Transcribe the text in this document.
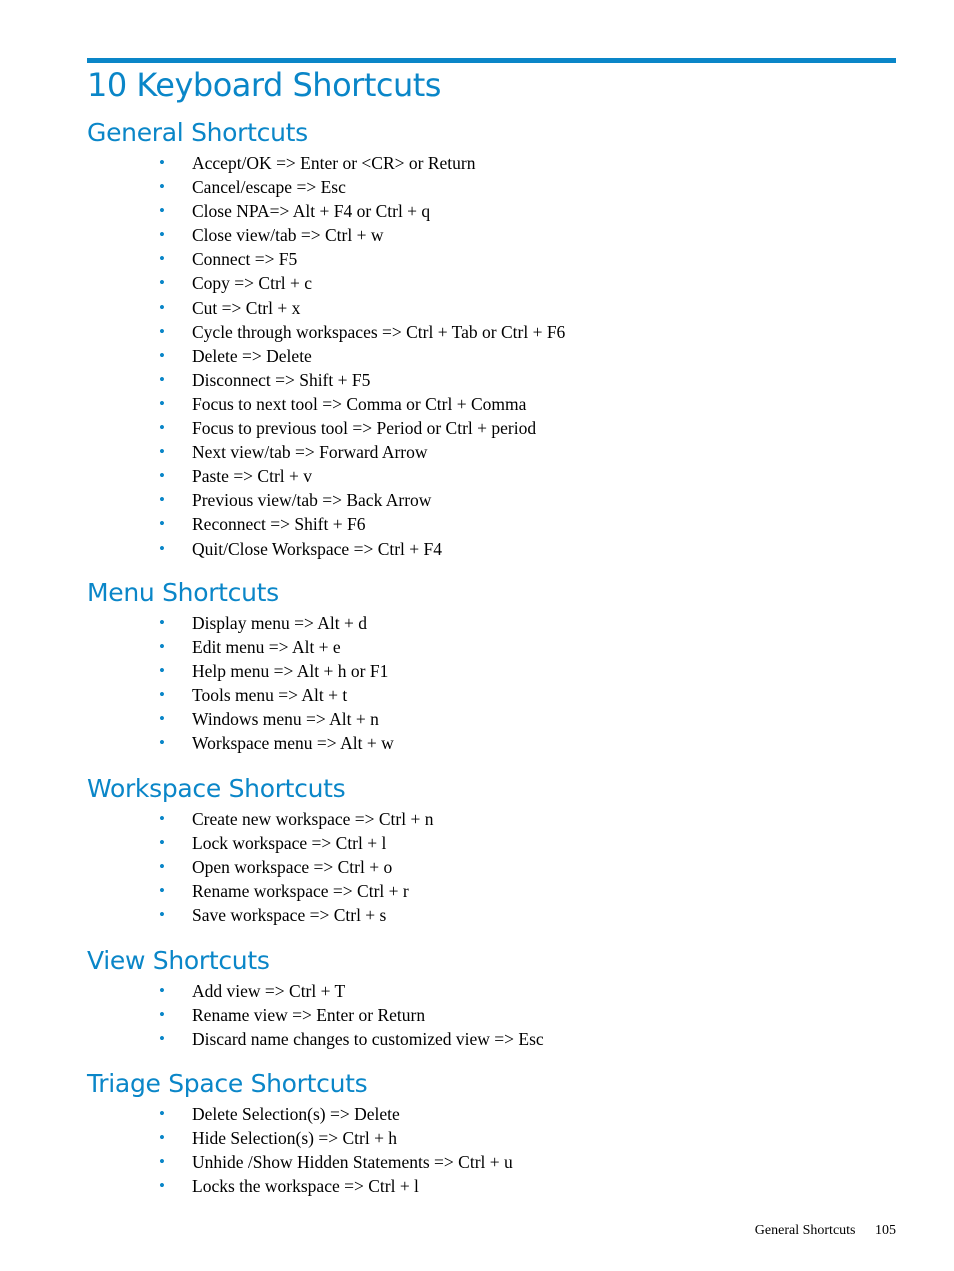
10 Keyboard Shortcuts
General Shortcuts
• Accept/OK => Enter or <CR> or Return
• Cancel/escape => Esc
• Close NPA=> Alt + F4 or Ctrl + q
• Close view/tab => Ctrl + w
• Connect => F5
• Copy => Ctrl + c
• Cut => Ctrl + x
• Cycle through workspaces => Ctrl + Tab or Ctrl + F6
• Delete => Delete
• Disconnect => Shift + F5
• Focus to next tool => Comma or Ctrl + Comma
• Focus to previous tool => Period or Ctrl + period
• Next view/tab => Forward Arrow
• Paste => Ctrl + v
• Previous view/tab => Back Arrow
• Reconnect => Shift + F6
• Quit/Close Workspace => Ctrl + F4
Menu Shortcuts
• Display menu => Alt + d
• Edit menu => Alt + e
• Help menu => Alt + h or F1
• Tools menu => Alt + t
• Windows menu => Alt + n
• Workspace menu => Alt + w
Workspace Shortcuts
• Create new workspace => Ctrl + n
• Lock workspace => Ctrl + l
• Open workspace => Ctrl + o
• Rename workspace => Ctrl + r
• Save workspace => Ctrl + s
View Shortcuts
• Add view => Ctrl + T
• Rename view => Enter or Return
• Discard name changes to customized view => Esc
Triage Space Shortcuts
• Delete Selection(s) => Delete
• Hide Selection(s) => Ctrl + h
• Unhide /Show Hidden Statements => Ctrl + u
• Locks the workspace => Ctrl + l
General Shortcuts 105
